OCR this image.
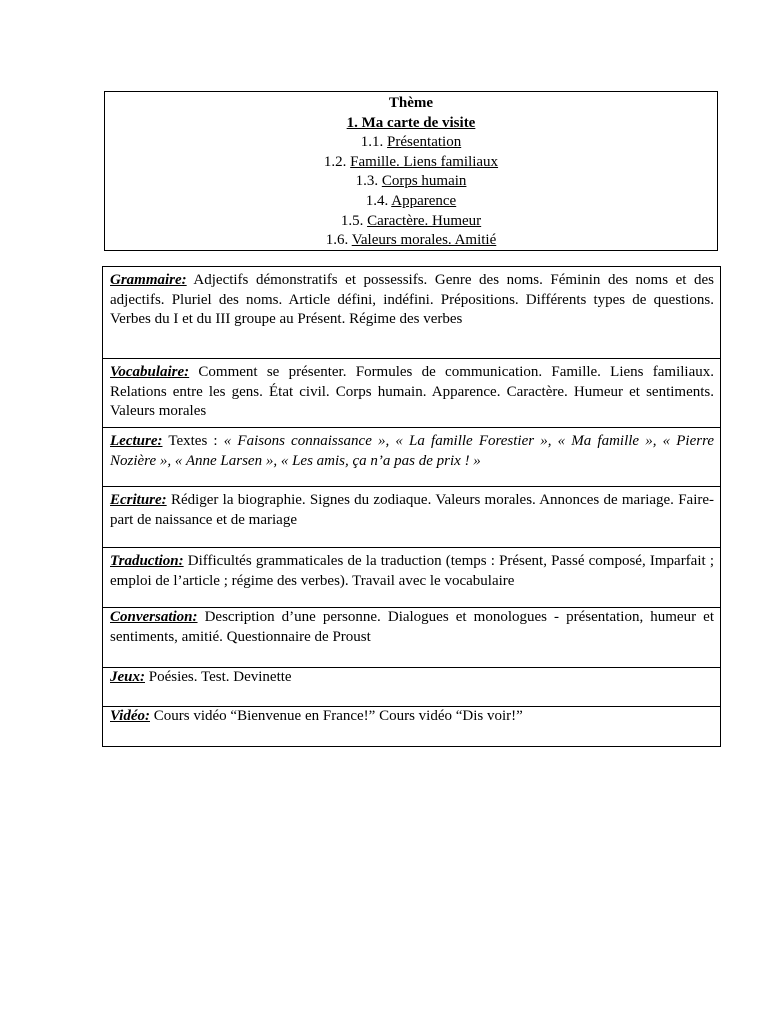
Thème
1. Ma carte de visite
1.1. Présentation
1.2. Famille. Liens familiaux
1.3. Corps humain
1.4. Apparence
1.5. Caractère. Humeur
1.6. Valeurs morales. Amitié
Grammaire: Adjectifs démonstratifs et possessifs. Genre des noms. Féminin des noms et des adjectifs. Pluriel des noms. Article défini, indéfini. Prépositions. Différents types de questions. Verbes du I et du III groupe au Présent. Régime des verbes
Vocabulaire: Comment se présenter. Formules de communication. Famille. Liens familiaux. Relations entre les gens. État civil. Corps humain. Apparence. Caractère. Humeur et sentiments. Valeurs morales
Lecture: Textes : « Faisons connaissance », « La famille Forestier », « Ma famille », « Pierre Nozière », « Anne Larsen », « Les amis, ça n’a pas de prix ! »
Ecriture: Rédiger la biographie. Signes du zodiaque. Valeurs morales. Annonces de mariage. Faire-part de naissance et de mariage
Traduction: Difficultés grammaticales de la traduction (temps : Présent, Passé composé, Imparfait ; emploi de l’article ; régime des verbes). Travail avec le vocabulaire
Conversation: Description d’une personne. Dialogues et monologues - présentation, humeur et sentiments, amitié. Questionnaire de Proust
Jeux: Poésies. Test. Devinette
Vidéo: Cours vidéo “Bienvenue en France!” Cours vidéo “Dis voir!”
